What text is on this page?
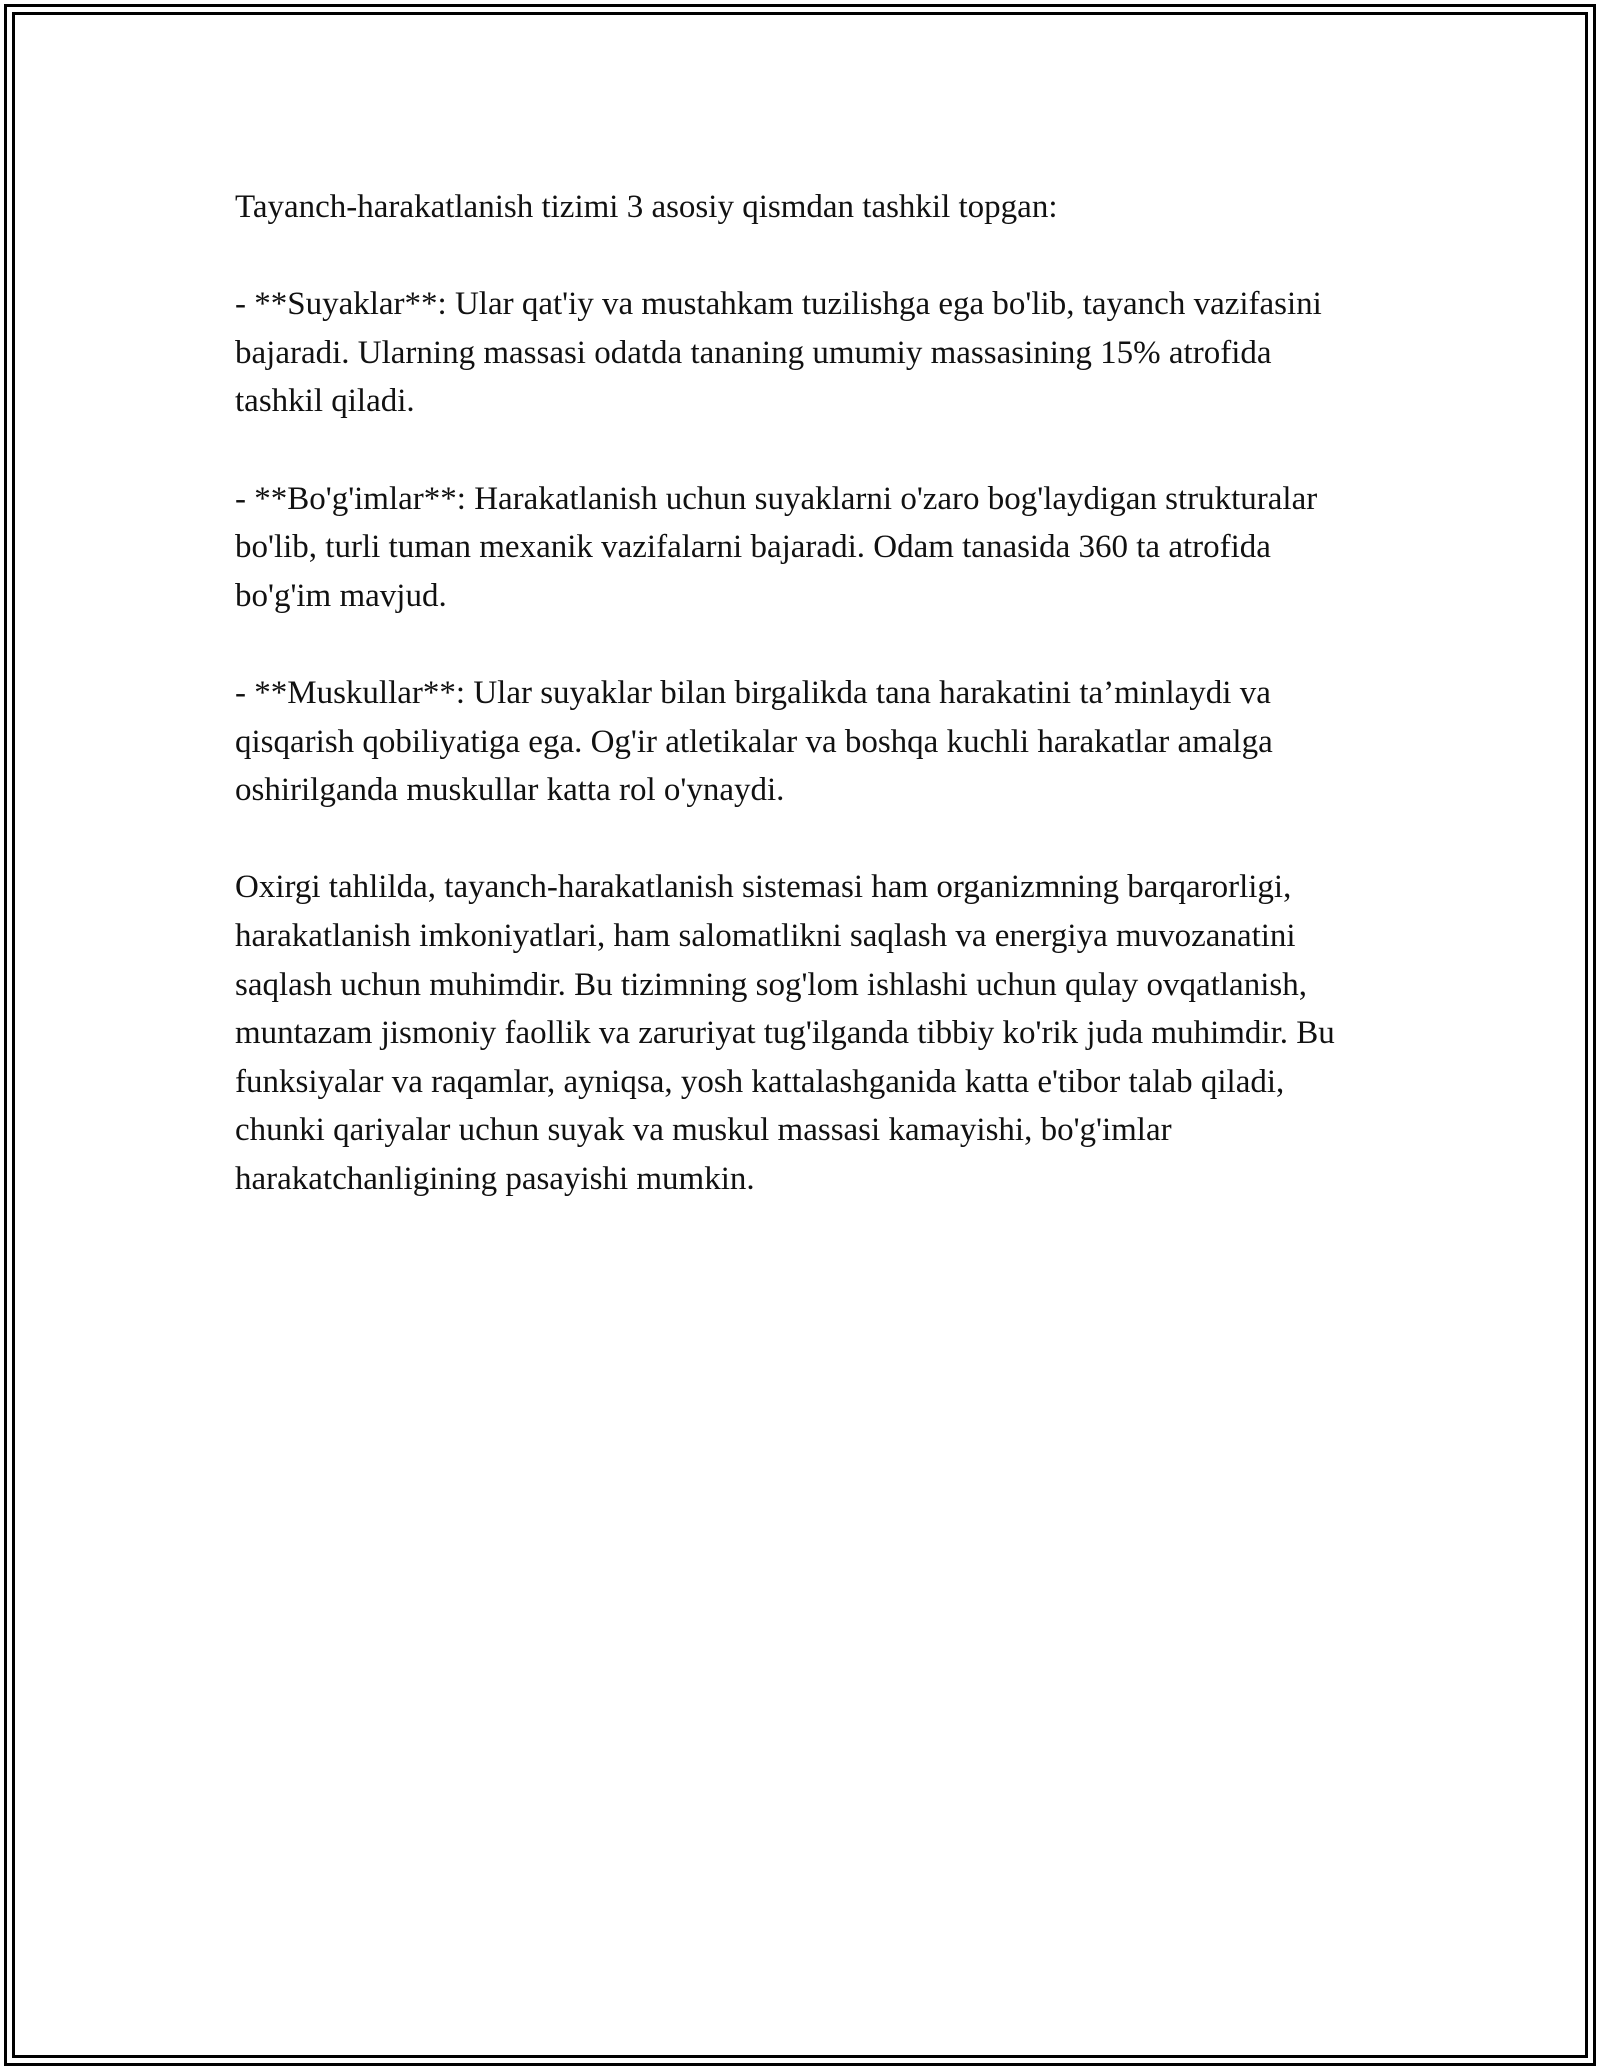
Tayanch-harakatlanish tizimi 3 asosiy qismdan tashkil topgan:

- **Suyaklar**: Ular qat'iy va mustahkam tuzilishga ega bo'lib, tayanch vazifasini bajaradi. Ularning massasi odatda tananing umumiy massasining 15% atrofida tashkil qiladi.

- **Bo'g'imlar**: Harakatlanish uchun suyaklarni o'zaro bog'laydigan strukturalar bo'lib, turli tuman mexanik vazifalarni bajaradi. Odam tanasida 360 ta atrofida bo'g'im mavjud.

- **Muskullar**: Ular suyaklar bilan birgalikda tana harakatini ta’minlaydi va qisqarish qobiliyatiga ega. Og'ir atletikalar va boshqa kuchli harakatlar amalga oshirilganda muskullar katta rol o'ynaydi.

Oxirgi tahlilda, tayanch-harakatlanish sistemasi ham organizmning barqarorligi, harakatlanish imkoniyatlari, ham salomatlikni saqlash va energiya muvozanatini saqlash uchun muhimdir. Bu tizimning sog'lom ishlashi uchun qulay ovqatlanish, muntazam jismoniy faollik va zaruriyat tug'ilganda tibbiy ko'rik juda muhimdir. Bu funksiyalar va raqamlar, ayniqsa, yosh kattalashganida katta e'tibor talab qiladi, chunki qariyalar uchun suyak va muskul massasi kamayishi, bo'g'imlar harakatchanligining pasayishi mumkin.
